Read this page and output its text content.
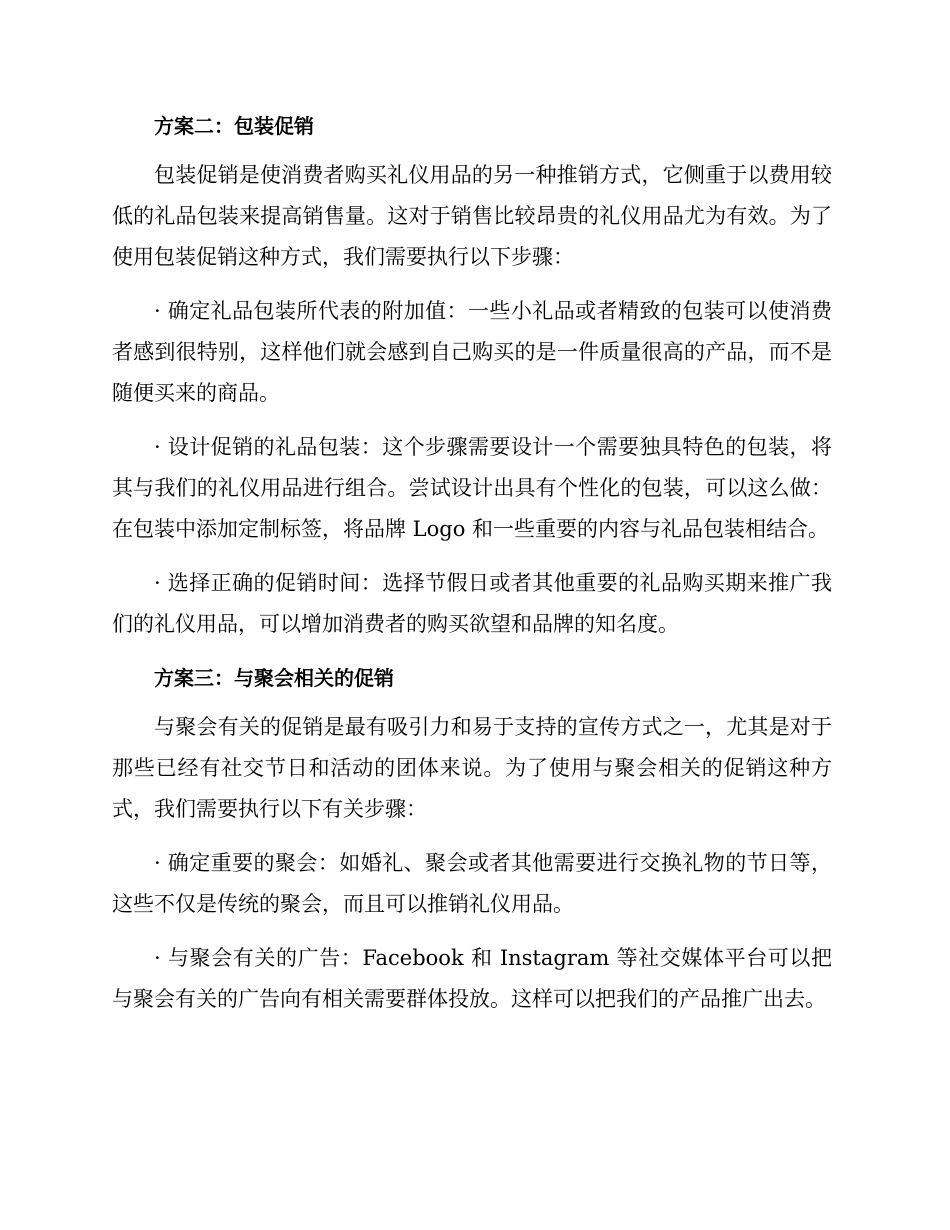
方案二：包装促销

包装促销是使消费者购买礼仪用品的另一种推销方式，它侧重于以费用较低的礼品包装来提高销售量。这对于销售比较昂贵的礼仪用品尤为有效。为了使用包装促销这种方式，我们需要执行以下步骤：

· 确定礼品包装所代表的附加值：一些小礼品或者精致的包装可以使消费者感到很特别，这样他们就会感到自己购买的是一件质量很高的产品，而不是随便买来的商品。

· 设计促销的礼品包装：这个步骤需要设计一个需要独具特色的包装，将其与我们的礼仪用品进行组合。尝试设计出具有个性化的包装，可以这么做：在包装中添加定制标签，将品牌 Logo 和一些重要的内容与礼品包装相结合。

· 选择正确的促销时间：选择节假日或者其他重要的礼品购买期来推广我们的礼仪用品，可以增加消费者的购买欲望和品牌的知名度。

方案三：与聚会相关的促销

与聚会有关的促销是最有吸引力和易于支持的宣传方式之一，尤其是对于那些已经有社交节日和活动的团体来说。为了使用与聚会相关的促销这种方式，我们需要执行以下有关步骤：

· 确定重要的聚会：如婚礼、聚会或者其他需要进行交换礼物的节日等，这些不仅是传统的聚会，而且可以推销礼仪用品。

· 与聚会有关的广告：Facebook 和 Instagram 等社交媒体平台可以把与聚会有关的广告向有相关需要群体投放。这样可以把我们的产品推广出去。
